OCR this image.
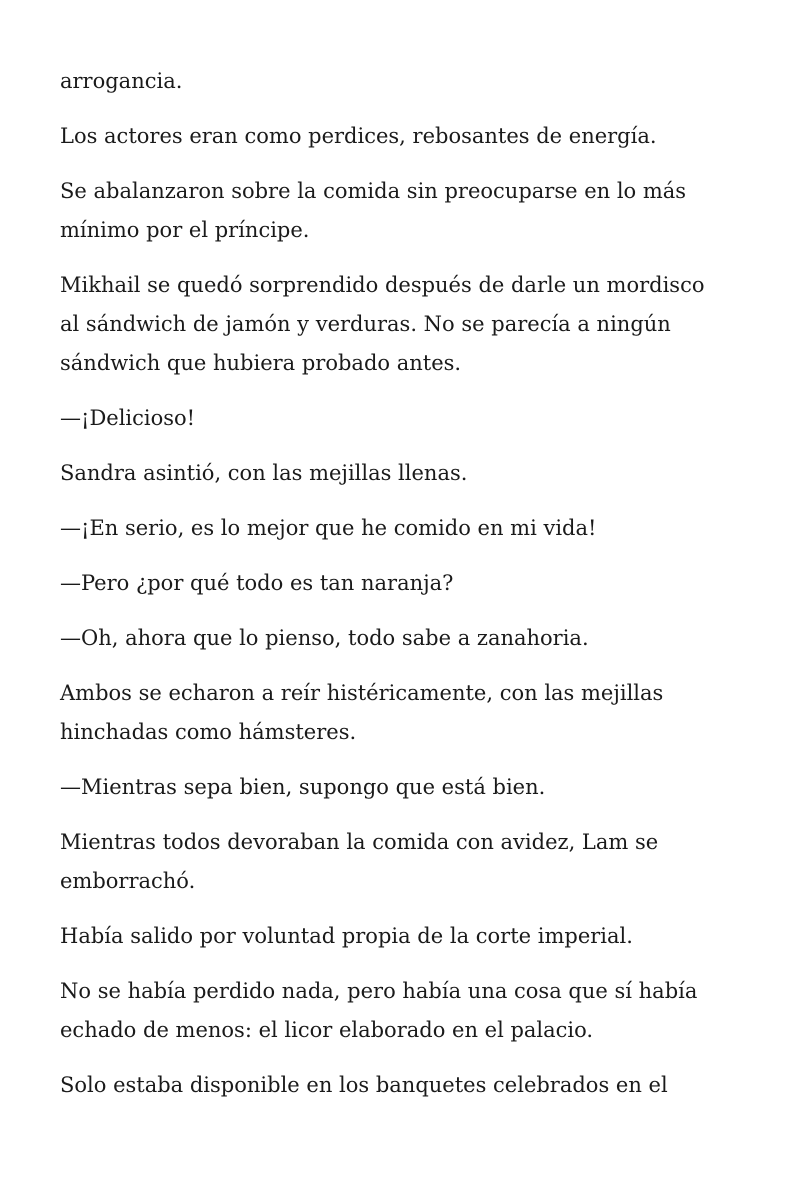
arrogancia.

Los actores eran como perdices, rebosantes de energía.

Se abalanzaron sobre la comida sin preocuparse en lo más
mínimo por el príncipe.

Mikhail se quedó sorprendido después de darle un mordisco
al sándwich de jamón y verduras. No se parecía a ningún
sándwich que hubiera probado antes.

—¡Delicioso!

Sandra asintió, con las mejillas llenas.

—¡En serio, es lo mejor que he comido en mi vida!

—Pero ¿por qué todo es tan naranja?

—Oh, ahora que lo pienso, todo sabe a zanahoria.

Ambos se echaron a reír histéricamente, con las mejillas
hinchadas como hámsteres.

—Mientras sepa bien, supongo que está bien.

Mientras todos devoraban la comida con avidez, Lam se
emborrachó.

Había salido por voluntad propia de la corte imperial.

No se había perdido nada, pero había una cosa que sí había
echado de menos: el licor elaborado en el palacio.

Solo estaba disponible en los banquetes celebrados en el
